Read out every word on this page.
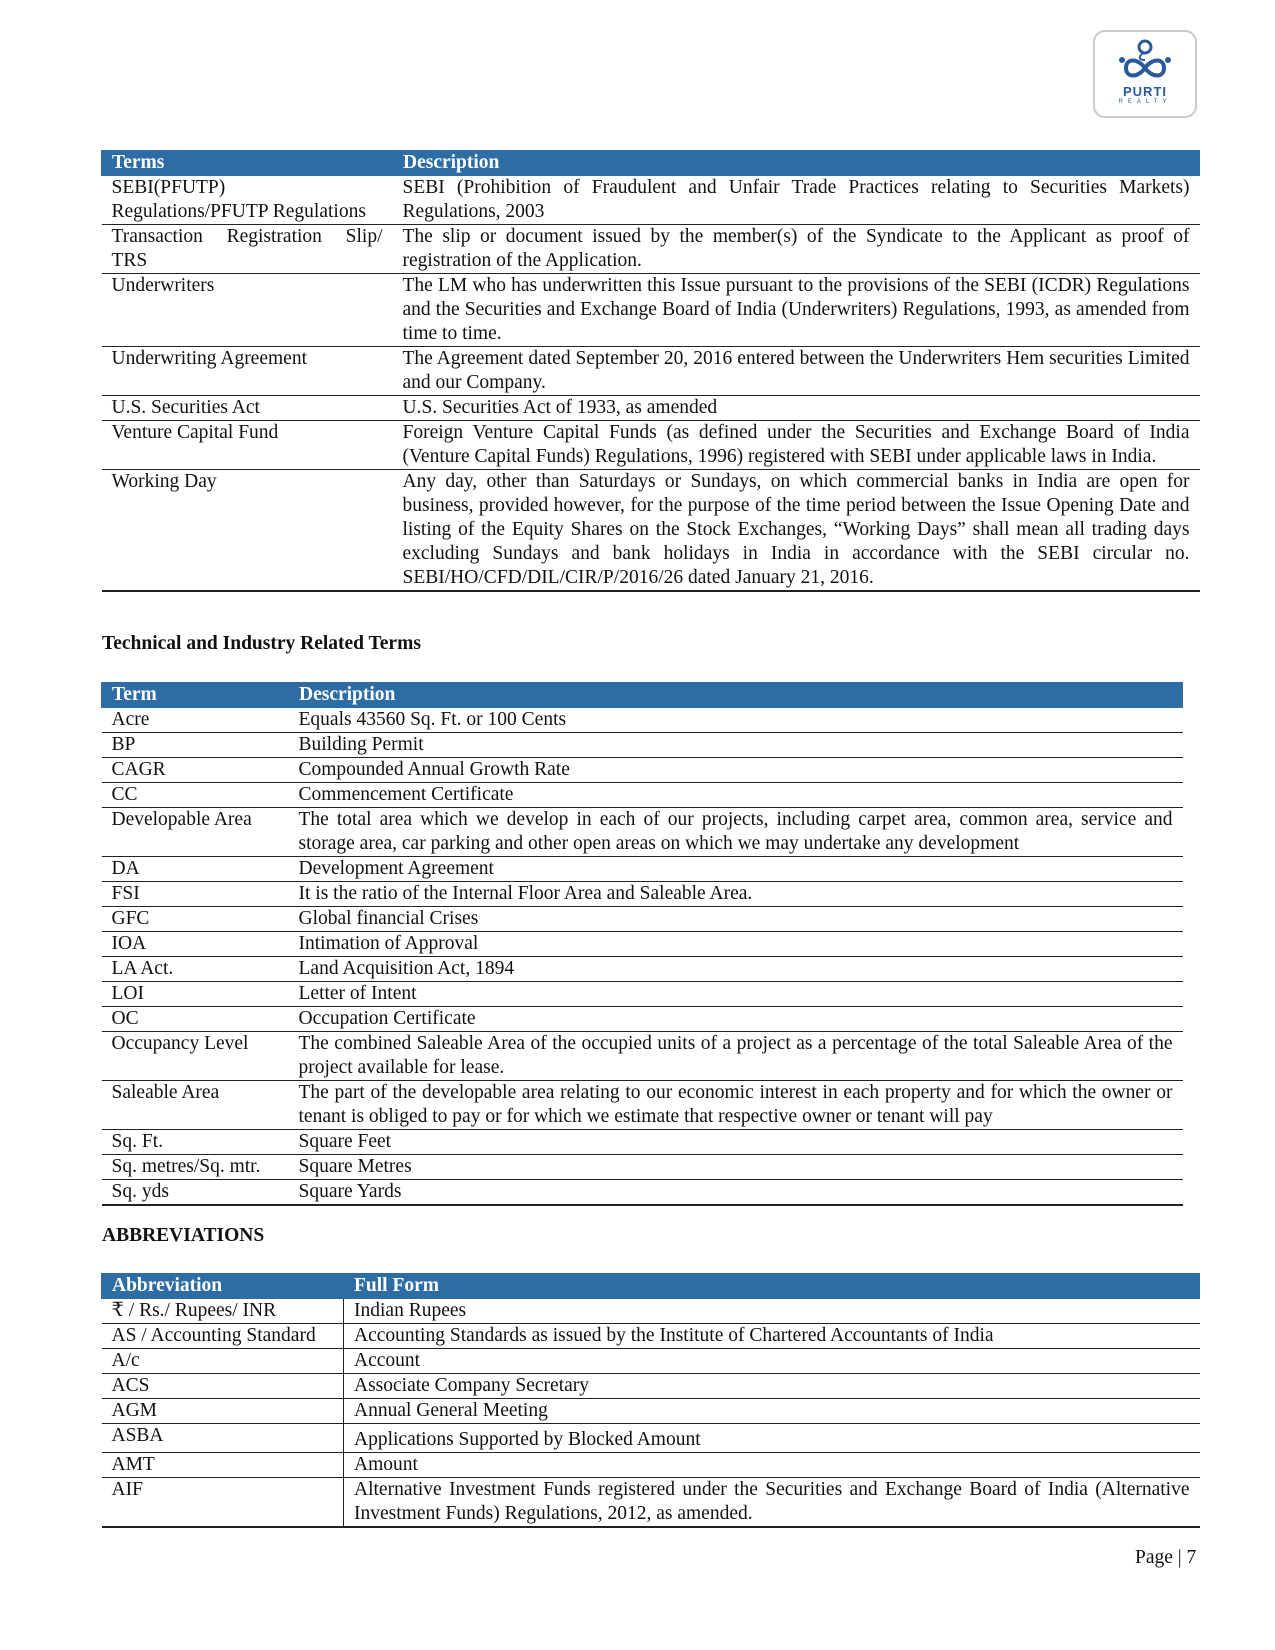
PURTI
REALTY
Terms	Description
SEBI(PFUTP) Regulations/PFUTP Regulations	SEBI (Prohibition of Fraudulent and Unfair Trade Practices relating to Securities Markets) Regulations, 2003
Transaction Registration Slip/ TRS	The slip or document issued by the member(s) of the Syndicate to the Applicant as proof of registration of the Application.
Underwriters	The LM who has underwritten this Issue pursuant to the provisions of the SEBI (ICDR) Regulations and the Securities and Exchange Board of India (Underwriters) Regulations, 1993, as amended from time to time.
Underwriting Agreement	The Agreement dated September 20, 2016 entered between the Underwriters Hem securities Limited and our Company.
U.S. Securities Act	U.S. Securities Act of 1933, as amended
Venture Capital Fund	Foreign Venture Capital Funds (as defined under the Securities and Exchange Board of India (Venture Capital Funds) Regulations, 1996) registered with SEBI under applicable laws in India.
Working Day	Any day, other than Saturdays or Sundays, on which commercial banks in India are open for business, provided however, for the purpose of the time period between the Issue Opening Date and listing of the Equity Shares on the Stock Exchanges, “Working Days” shall mean all trading days excluding Sundays and bank holidays in India in accordance with the SEBI circular no. SEBI/HO/CFD/DIL/CIR/P/2016/26 dated January 21, 2016.
Technical and Industry Related Terms
Term	Description
Acre	Equals 43560 Sq. Ft. or 100 Cents
BP	Building Permit
CAGR	Compounded Annual Growth Rate
CC	Commencement Certificate
Developable Area	The total area which we develop in each of our projects, including carpet area, common area, service and storage area, car parking and other open areas on which we may undertake any development
DA	Development Agreement
FSI	It is the ratio of the Internal Floor Area and Saleable Area.
GFC	Global financial Crises
IOA	Intimation of Approval
LA Act.	Land Acquisition Act, 1894
LOI	Letter of Intent
OC	Occupation Certificate
Occupancy Level	The combined Saleable Area of the occupied units of a project as a percentage of the total Saleable Area of the project available for lease.
Saleable Area	The part of the developable area relating to our economic interest in each property and for which the owner or tenant is obliged to pay or for which we estimate that respective owner or tenant will pay
Sq. Ft.	Square Feet
Sq. metres/Sq. mtr.	Square Metres
Sq. yds	Square Yards
ABBREVIATIONS
Abbreviation	Full Form
₹ / Rs./ Rupees/ INR	Indian Rupees
AS / Accounting Standard	Accounting Standards as issued by the Institute of Chartered Accountants of India
A/c	Account
ACS	Associate Company Secretary
AGM	Annual General Meeting
ASBA	Applications Supported by Blocked Amount
AMT	Amount
AIF	Alternative Investment Funds registered under the Securities and Exchange Board of India (Alternative Investment Funds) Regulations, 2012, as amended.
Page | 7
